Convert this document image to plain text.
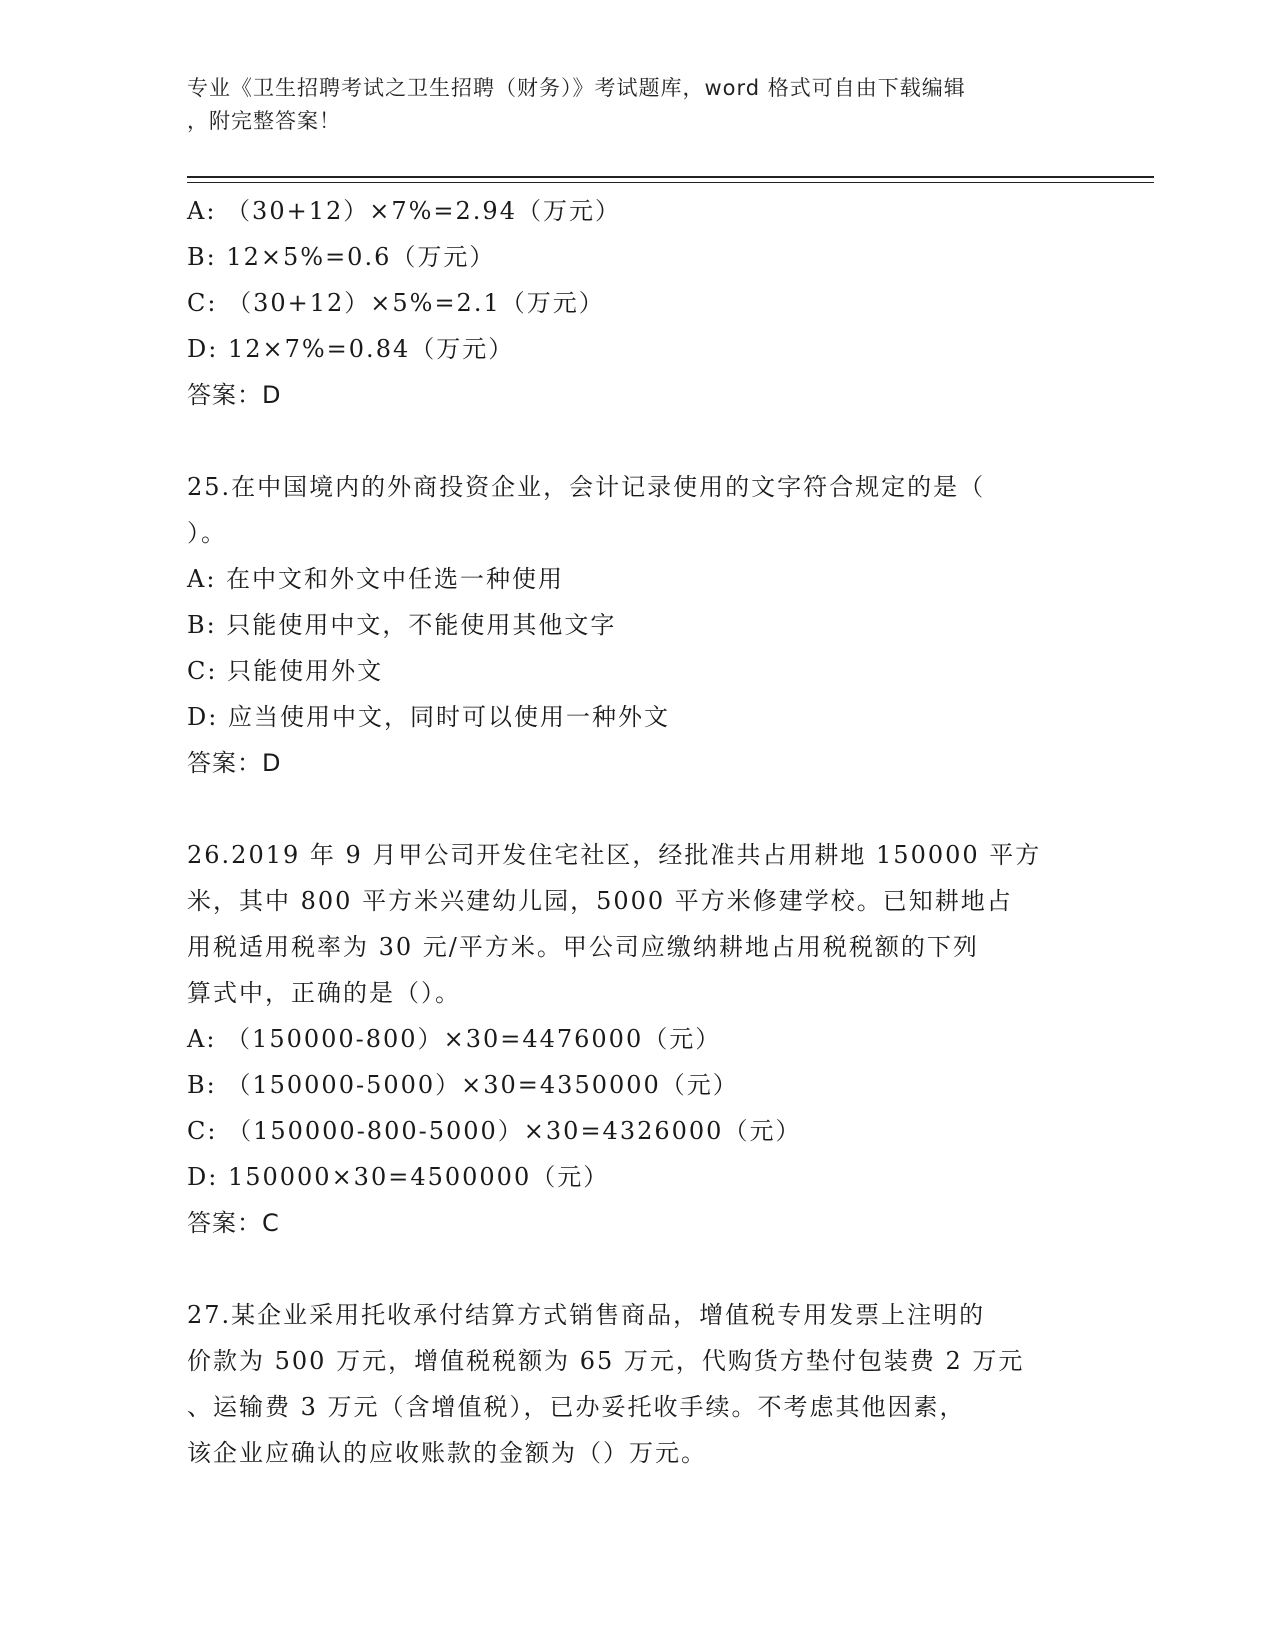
专业《卫生招聘考试之卫生招聘（财务）》考试题库，word 格式可自由下载编辑
，附完整答案！

A: （30+12）×7%=2.94（万元）

B: 12×5%=0.6（万元）

C: （30+12）×5%=2.1（万元）

D: 12×7%=0.84（万元）

答案：D

25.在中国境内的外商投资企业，会计记录使用的文字符合规定的是（

）。

A: 在中文和外文中任选一种使用

B: 只能使用中文，不能使用其他文字

C: 只能使用外文

D: 应当使用中文，同时可以使用一种外文

答案：D

26.2019 年 9 月甲公司开发住宅社区，经批准共占用耕地 150000 平方

米，其中 800 平方米兴建幼儿园，5000 平方米修建学校。已知耕地占

用税适用税率为 30 元/平方米。甲公司应缴纳耕地占用税税额的下列

算式中，正确的是（）。

A: （150000-800）×30=4476000（元）

B: （150000-5000）×30=4350000（元）

C: （150000-800-5000）×30=4326000（元）

D: 150000×30=4500000（元）

答案：C

27.某企业采用托收承付结算方式销售商品，增值税专用发票上注明的

价款为 500 万元，增值税税额为 65 万元，代购货方垫付包装费 2 万元

、运输费 3 万元（含增值税），已办妥托收手续。不考虑其他因素，

该企业应确认的应收账款的金额为（）万元。
